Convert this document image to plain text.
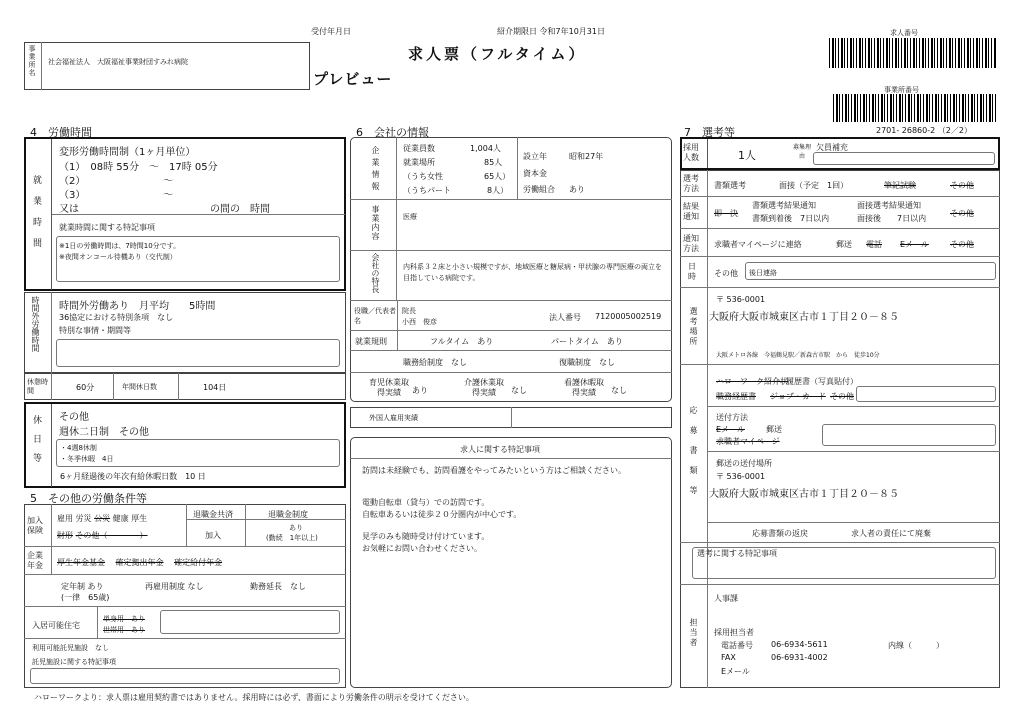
受付年月日	紹介期限日 令和7年10月31日
求人票（フルタイム）
プレビュー
事業所名 社会福祉法人　大阪福祉事業財団すみれ病院
求人番号
事業所番号
2701- 26860-2 （2／2）
4　労働時間
就業時間
変形労働時間制（1ヶ月単位）
（1）　08時 55分　～　17時 05分
（2）	～
（3）	～
又は	の間の　時間
就業時間に関する特記事項
※1日の労働時間は、7時間10分です。
※夜間オンコール待機あり（交代制）
時間外労働時間 時間外労働あり　月平均　　5時間
36協定における特別条項　なし
特別な事情・期間等
休憩時間	60分	年間休日数	104日
休日等 その他
週休二日制　その他
・4週8休制
・冬季休暇　4日
6ヶ月経過後の年次有給休暇日数　10 日
5　その他の労働条件等
加入保険
雇用 労災 公災 健康 厚生
財形 その他（　　　　）
退職金共済
加入
退職金制度
あり
(勤続　1年以上)
企業年金	厚生年金基金 確定拠出年金 確定給付年金
定年制 あり
(一律　65歳)
再雇用制度 なし	勤務延長　なし
入居可能住宅
単身用　あり
世帯用　あり
利用可能託児施設　なし
託児施設に関する特記事項
6　会社の情報
企業情報	従業員数	1,004人
就業場所	85人
（うち女性	65人）
（うちパート	8人）
設立年	昭和27年
資本金
労働組合 あり
事業内容	医療
会社の特長	内科系３２床と小さい規模ですが、地域医療と糖尿病・甲状腺の専門医療の両立を目指している病院です。
役職／代表者名
院長
小西　俊彦	法人番号 7120005002519
就業規則	フルタイム　あり	パートタイム　あり
職務給制度　なし	復職制度　なし
育児休業取得実績	あり
介護休業取得実績	なし
看護休暇取得実績	なし
外国人雇用実績
求人に関する特記事項
訪問は未経験でも、訪問看護をやってみたいという方はご相談ください。
電動自転車（貸与）での訪問です。
自転車あるいは徒歩２０分圏内が中心です。
見学のみも随時受け付けています。
お気軽にお問い合わせください。
7　選考等
採用人数	1人
募集理由
欠員補充
選考方法	書類選考	面接（予定　1回）	筆記試験	その他
結果通知	即　決
書類選考結果通知
書類到着後　7日以内
面接選考結果通知
面接後　　7日以内
その他
通知方法	求職者マイページに連絡	郵送 電話 Eメール	その他
日時	その他 後日連絡
選考場所
〒 536-0001
大阪府大阪市城東区古市１丁目２０－８５
大阪メトロ各線　今福鶴見駅／新森古市駅　から　徒歩10分
応募書類等
ハローワーク紹介状
履歴書（写真貼付）
職務経歴書 ジョブ・カード その他
送付方法
Eメール	郵送
求職者マイページ
郵送の送付場所
〒 536-0001
大阪府大阪市城東区古市１丁目２０－８５
応募書類の返戻	求人者の責任にて廃棄
選考に関する特記事項
担当者
人事課
採用担当者
電話番号 06-6934-5611	内線（　　　）
FAX	06-6931-4002
Eメール
ハローワークより：求人票は雇用契約書ではありません。採用時には必ず、書面により労働条件の明示を受けてください。
